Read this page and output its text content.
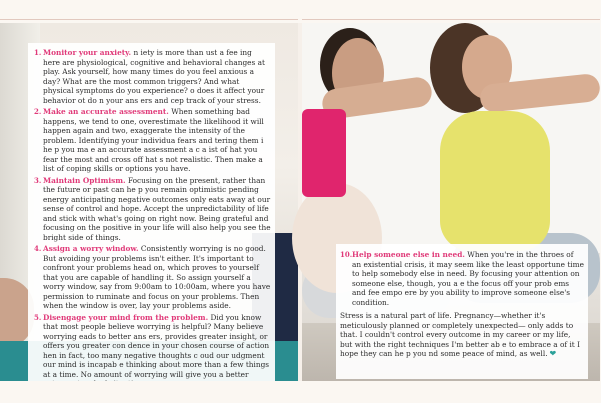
1. Monitor your anxiety. n iety is more than ust a fee ing here are physiological, cognitive and behavioral changes at play. Ask yourself, how many times do you feel anxious a day? What are the most common triggers? And what physical symptoms do you experience? o does it affect your behavior ot do n your ans ers and cep track of your stress.
2. Make an accurate assessment. When something bad happens, we tend to one, overestimate the likelihood it will happen again and two, exaggerate the intensity of the problem. Identifying your individua fears and tering them i he p you ma e an accurate assessment a c a ist of hat you fear the most and cross off hat s not realistic. Then make a list of coping skills or options you have.
3. Maintain Optimism. Focusing on the present, rather than the future or past can he p you remain optimistic pending energy anticipating negative outcomes only eats away at our sense of control and hope. Accept the unpredictability of life and stick with what's going on right now. Being grateful and focusing on the positive in your life will also help you see the bright side of things.
4. Assign a worry window. Consistently worrying is no good. But avoiding your problems isn't either. It's important to confront your problems head on, which proves to yourself that you are capable of handling it. So assign yourself a worry window, say from 9:00am to 10:00am, where you have permission to ruminate and focus on your problems. Then when the window is over, lay your problems aside.
5. Disengage your mind from the problem. Did you know that most people believe worrying is helpful? Many believe worrying eads to better ans ers, provides greater insight, or offers you greater con dence in your chosen course of action hen in fact, too many negative thoughts c oud our udgment our mind is incapab e thinking about more than a few things at a time. No amount of worrying will give you a better
10. Help someone else in need. When you're in the throes of an existential crisis, it may seem like the least opportune time to help somebody else in need. By focusing your attention on someone else, though, you a e the focus off your prob ems and fee empo ere by you ability to improve someone else's condition.

Stress is a natural part of life. Pregnancy—whether it's meticulously planned or completely unexpected— only adds to that. I couldn't control every outcome in my career or my life, but with the right techniques I'm better ab e to embrace a of it I hope they can he p you nd some peace of mind, as well. ❤
